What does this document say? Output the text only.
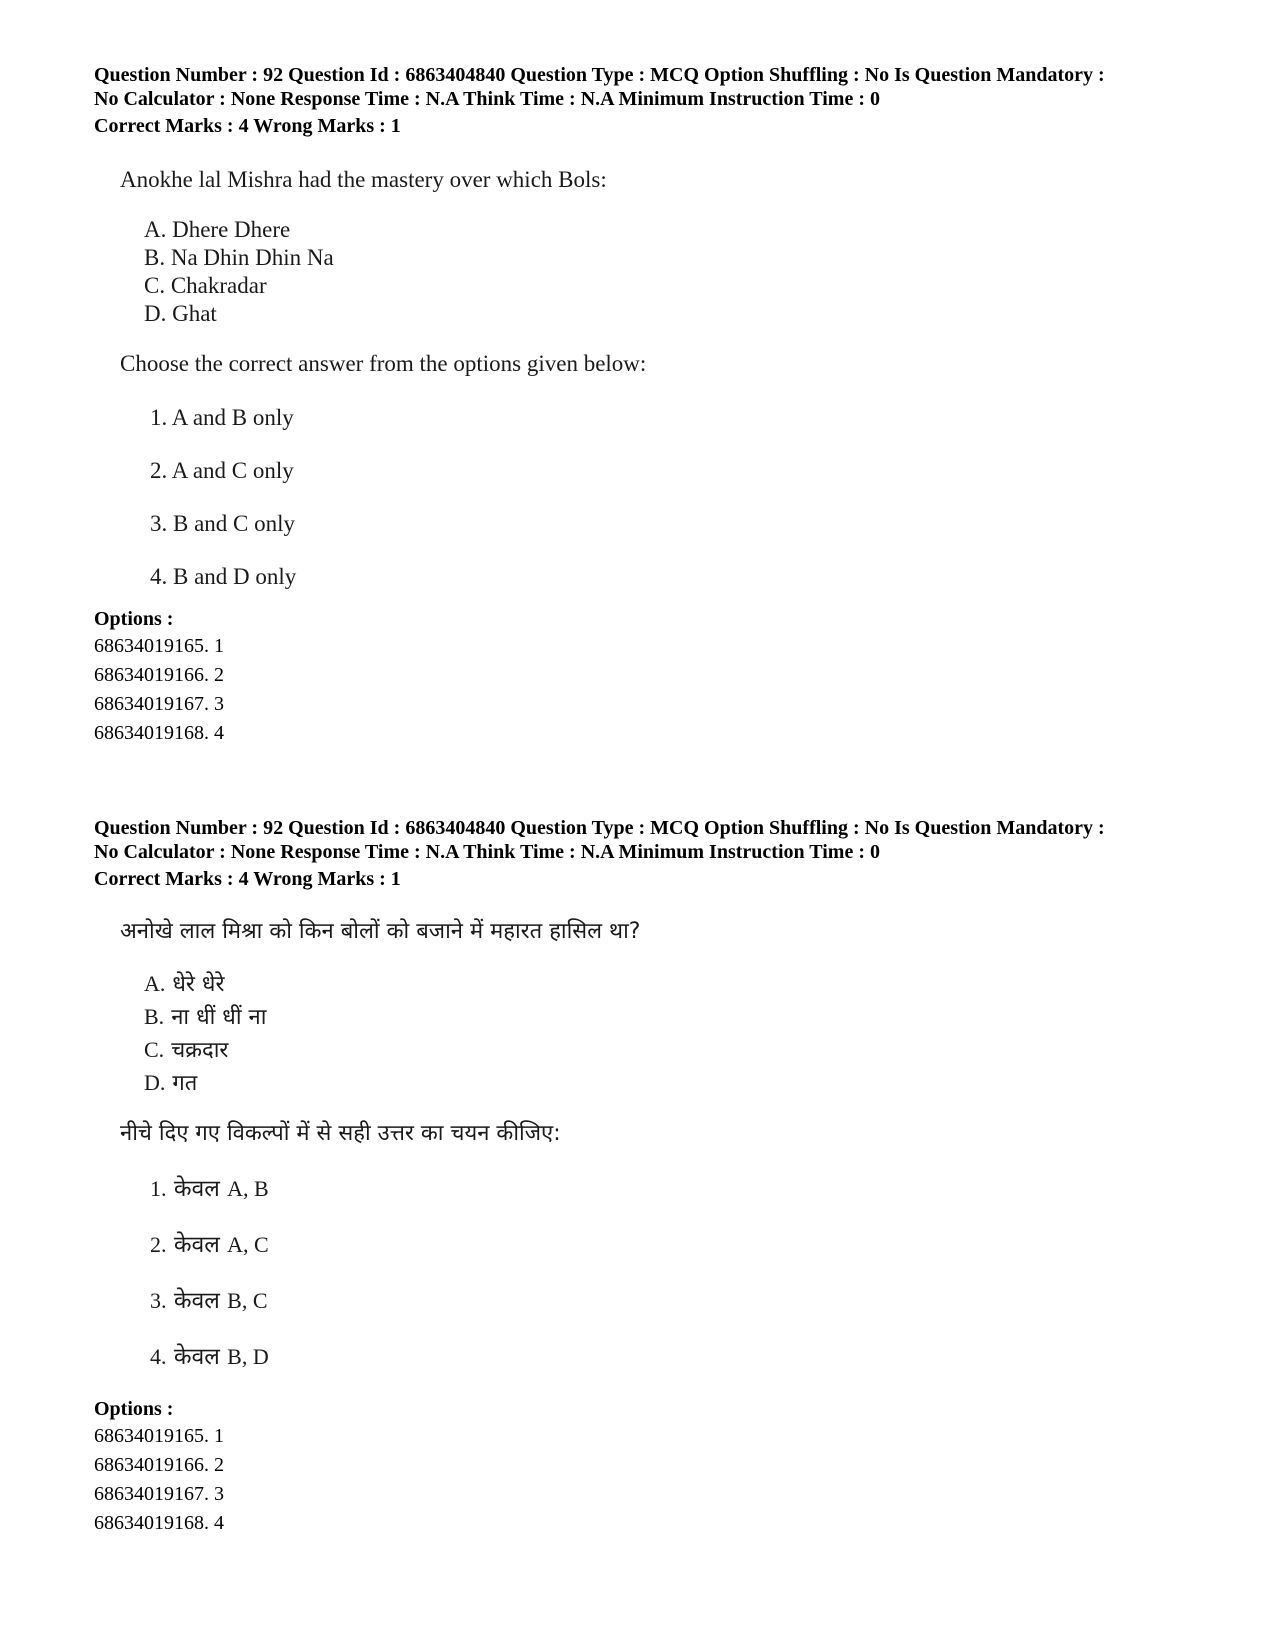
Question Number : 92 Question Id : 6863404840 Question Type : MCQ Option Shuffling : No Is Question Mandatory :
No Calculator : None Response Time : N.A Think Time : N.A Minimum Instruction Time : 0
Correct Marks : 4 Wrong Marks : 1
Anokhe lal Mishra had the mastery over which Bols:
A. Dhere Dhere
B. Na Dhin Dhin Na
C. Chakradar
D. Ghat
Choose the correct answer from the options given below:
1. A and B only
2. A and C only
3. B and C only
4. B and D only
Options :
68634019165. 1
68634019166. 2
68634019167. 3
68634019168. 4
Question Number : 92 Question Id : 6863404840 Question Type : MCQ Option Shuffling : No Is Question Mandatory :
No Calculator : None Response Time : N.A Think Time : N.A Minimum Instruction Time : 0
Correct Marks : 4 Wrong Marks : 1
अनोखे लाल मिश्रा को किन बोलों को बजाने में महारत हासिल था?
A. धेरे धेरे
B. ना धीं धीं ना
C. चक्रदार
D. गत
नीचे दिए गए विकल्पों में से सही उत्तर का चयन कीजिए:
1. केवल A, B
2. केवल A, C
3. केवल B, C
4. केवल B, D
Options :
68634019165. 1
68634019166. 2
68634019167. 3
68634019168. 4
